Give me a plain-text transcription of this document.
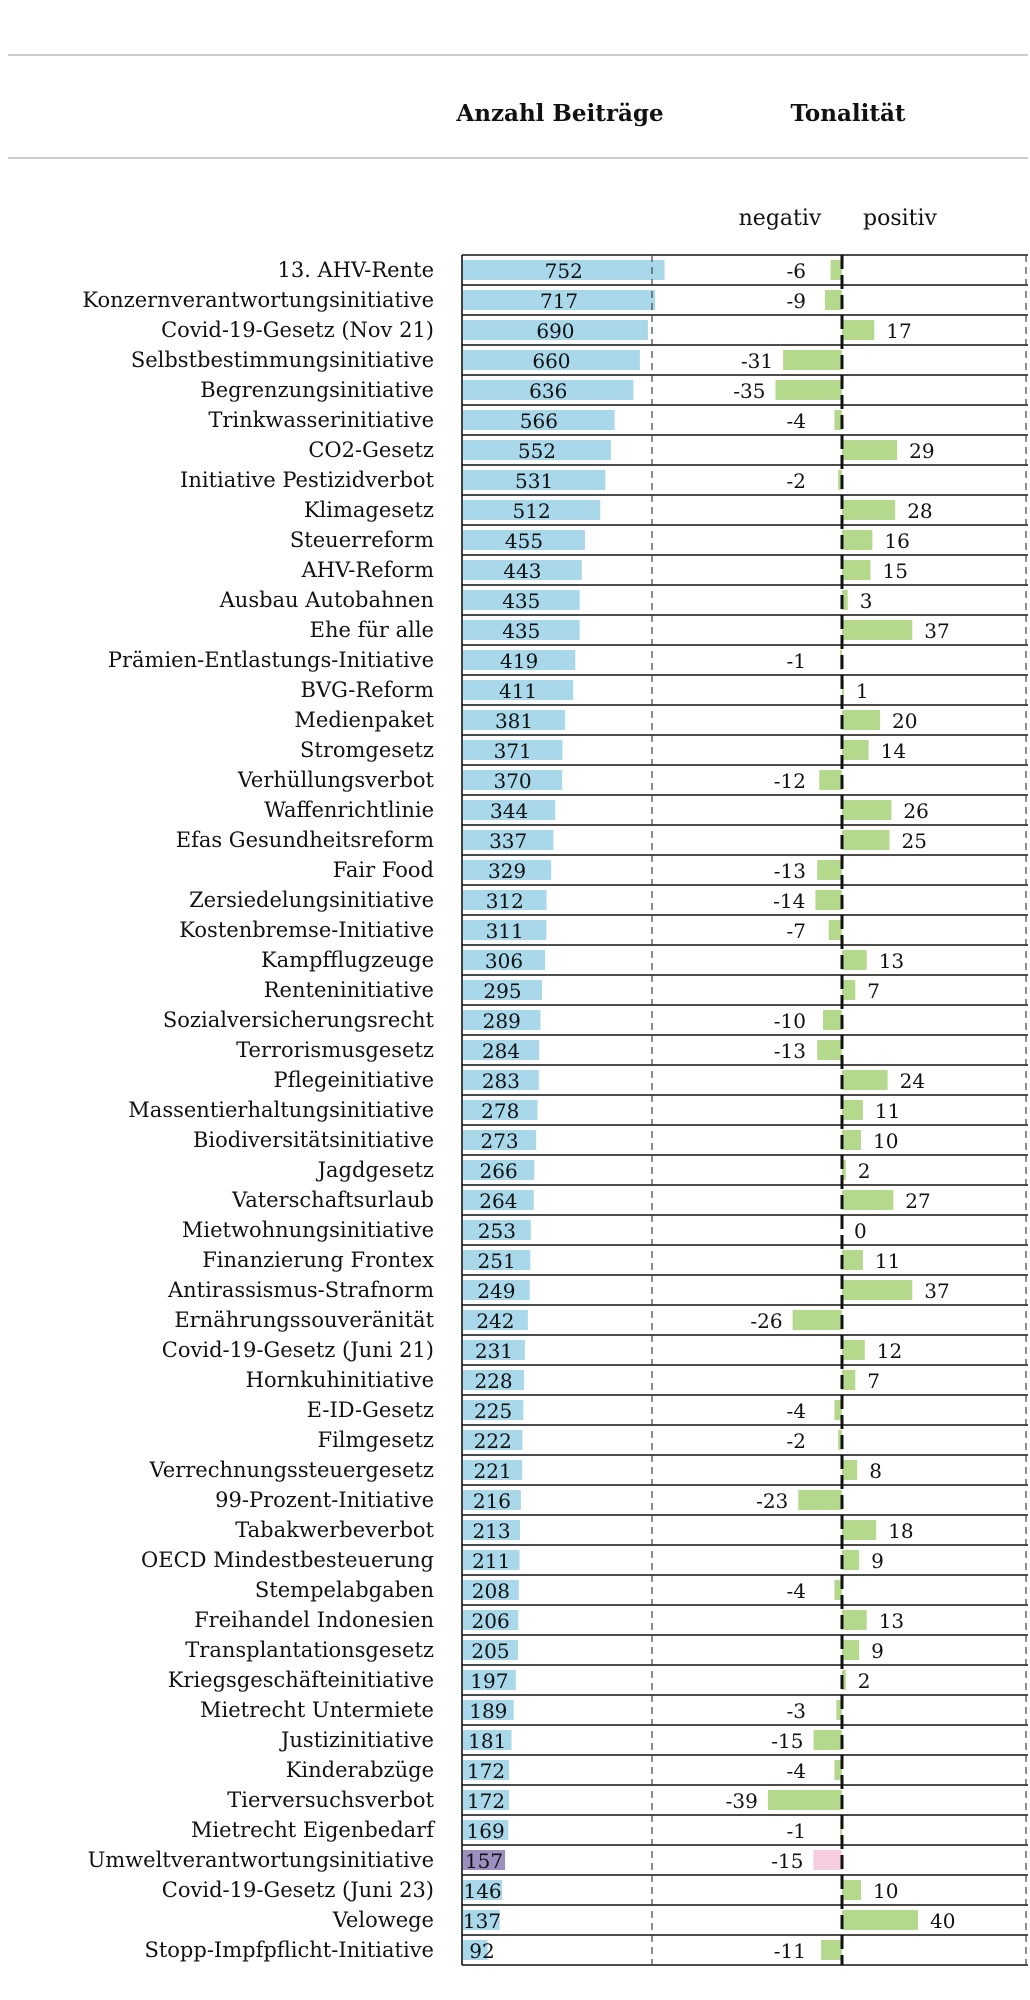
Anzahl Beiträge	Tonalität
negativ positiv
13. AHV-Rente	752	-6
Konzernverantwortungsinitiative	717	-9
Covid-19-Gesetz (Nov 21)	690	17
Selbstbestimmungsinitiative	660	-31
Begrenzungsinitiative	636	-35
Trinkwasserinitiative	566	-4
CO2-Gesetz	552	29
Initiative Pestizidverbot	531	-2
Klimagesetz	512	28
Steuerreform	455	16
AHV-Reform	443	15
Ausbau Autobahnen	435	3
Ehe für alle	435	37
Prämien-Entlastungs-Initiative	419	-1
BVG-Reform	411	1
Medienpaket	381	20
Stromgesetz	371	14
Verhüllungsverbot	370	-12
Waffenrichtlinie	344	26
Efas Gesundheitsreform	337	25
Fair Food	329	-13
Zersiedelungsinitiative	312	-14
Kostenbremse-Initiative	311	-7
Kampfflugzeuge	306	13
Renteninitiative 295	7
Sozialversicherungsrecht 289	-10
Terrorismusgesetz 284	-13
Pflegeinitiative 283	24
Massentierhaltungsinitiative 278	11
Biodiversitätsinitiative 273	10
Jagdgesetz 266	2
Vaterschaftsurlaub 264	27
Mietwohnungsinitiative 253	0
Finanzierung Frontex 251	11
Antirassismus-Strafnorm 249	37
Ernährungssouveränität 242	-26
Covid-19-Gesetz (Juni 21) 231	12
Hornkuhinitiative 228	7
E-ID-Gesetz 225	-4
Filmgesetz 222	-2
Verrechnungssteuergesetz 221	8
99-Prozent-Initiative 216	-23
Tabakwerbeverbot 213	18
OECD Mindestbesteuerung 211	9
Stempelabgaben 208	-4
Freihandel Indonesien 206	13
Transplantationsgesetz 205	9
Kriegsgeschäfteinitiative 197	2
Mietrecht Untermiete 189	-3
Justizinitiative 181	-15
Kinderabzüge 172	-4
Tierversuchsverbot 172	-39
Mietrecht Eigenbedarf 169	-1
Umweltverantwortungsinitiative 157	-15
Covid-19-Gesetz (Juni 23) 146	10
Velowege 137	40
Stopp-Impfpflicht-Initiative 92	-11
